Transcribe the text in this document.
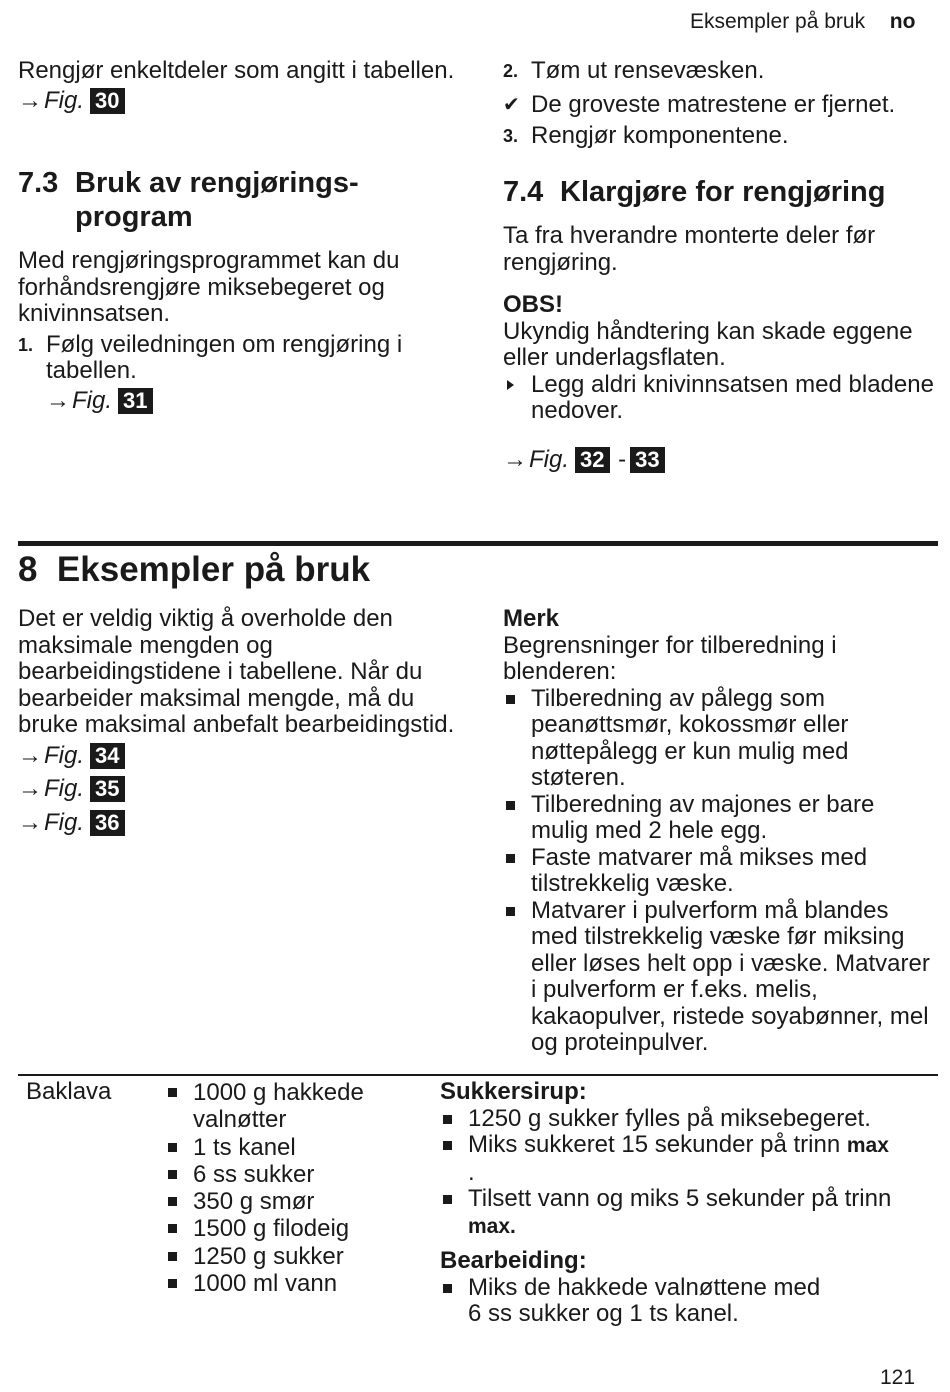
Eksempler på bruk no

Rengjør enkeltdeler som angitt i tabellen.

→Fig. 30

7.3 Bruk av rengjørings-
program

Med rengjøringsprogrammet kan du forhåndsrengjøre miksebegeret og knivinnsatsen.

1. Følg veiledningen om rengjøring i tabellen.

→Fig. 31

2. Tøm ut rensevæsken.
✔ De groveste matrestene er fjernet.
3. Rengjør komponentene.
7.4 Klargjøre for rengjøring

Ta fra hverandre monterte deler før rengjøring.

OBS!

Ukyndig håndtering kan skade eggene eller underlagsflaten.

Legg aldri knivinnsatsen med bladene nedover.

→Fig. 32 - 33

8 Eksempler på bruk

Det er veldig viktig å overholde den maksimale mengden og bearbeidingstidene i tabellene. Når du bearbeider maksimal mengde, må du bruke maksimal anbefalt bearbeidingstid.

→Fig. 34

→Fig. 35

→Fig. 36

Merk

Begrensninger for tilberedning i blenderen:

Tilberedning av pålegg som peanøttsmør, kokossmør eller nøttepålegg er kun mulig med støteren.
Tilberedning av majones er bare mulig med 2 hele egg.
Faste matvarer må mikses med tilstrekkelig væske.
Matvarer i pulverform må blandes med tilstrekkelig væske før miksing eller løses helt opp i væske. Matvarer i pulverform er f.eks. melis, kakaopulver, ristede soyabønner, mel og proteinpulver.
Baklava	1000 g hakkede valnøtter
1 ts kanel
6 ss sukker
350 g smør
1500 g filodeig
1250 g sukker
1000 ml vann

Sukkersirup:

1250 g sukker fylles på miksebegeret.
Miks sukkeret 15 sekunder på trinn max
.
Tilsett vann og miks 5 sekunder på trinn max.

Bearbeiding:

Miks de hakkede valnøttene med 6 ss sukker og 1 ts kanel.
121
